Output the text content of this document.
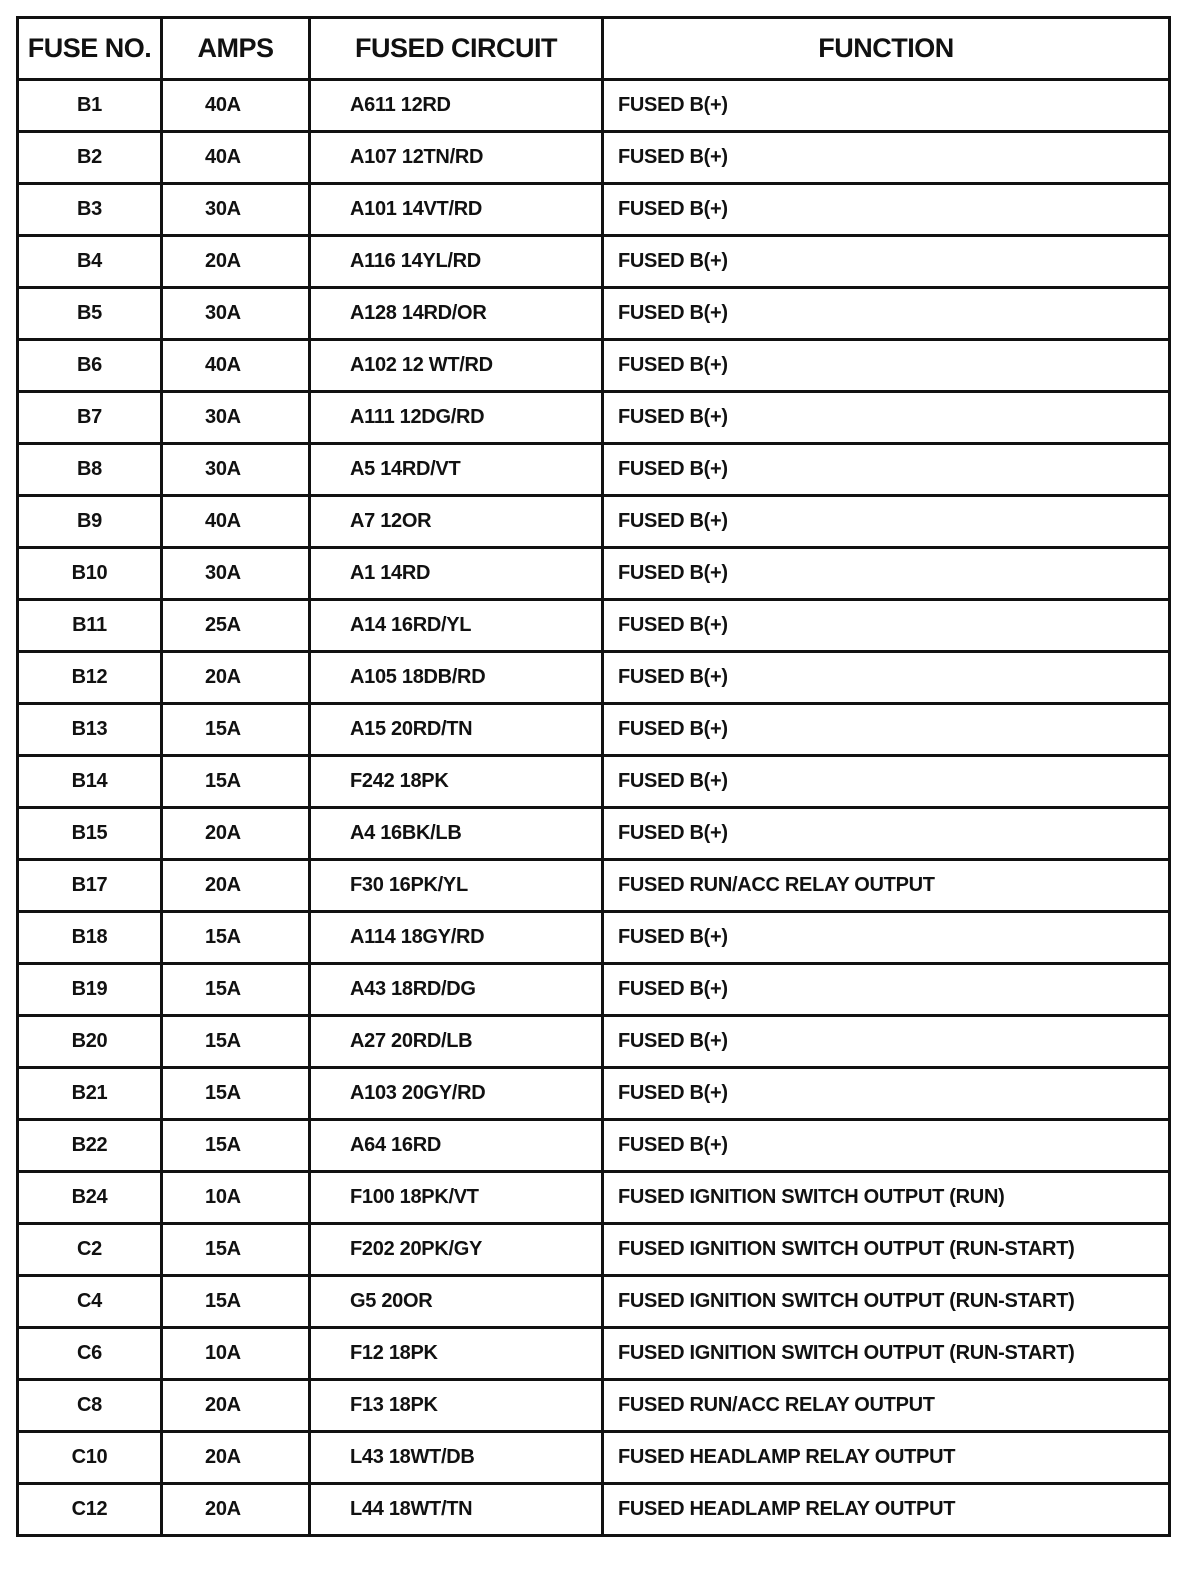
FUSE NO.	AMPS	FUSED CIRCUIT	FUNCTION
B1	40A	A611 12RD	FUSED B(+)
B2	40A	A107 12TN/RD	FUSED B(+)
B3	30A	A101 14VT/RD	FUSED B(+)
B4	20A	A116 14YL/RD	FUSED B(+)
B5	30A	A128 14RD/OR	FUSED B(+)
B6	40A	A102 12 WT/RD	FUSED B(+)
B7	30A	A111 12DG/RD	FUSED B(+)
B8	30A	A5 14RD/VT	FUSED B(+)
B9	40A	A7 12OR	FUSED B(+)
B10	30A	A1 14RD	FUSED B(+)
B11	25A	A14 16RD/YL	FUSED B(+)
B12	20A	A105 18DB/RD	FUSED B(+)
B13	15A	A15 20RD/TN	FUSED B(+)
B14	15A	F242 18PK	FUSED B(+)
B15	20A	A4 16BK/LB	FUSED B(+)
B17	20A	F30 16PK/YL	FUSED RUN/ACC RELAY OUTPUT
B18	15A	A114 18GY/RD	FUSED B(+)
B19	15A	A43 18RD/DG	FUSED B(+)
B20	15A	A27 20RD/LB	FUSED B(+)
B21	15A	A103 20GY/RD	FUSED B(+)
B22	15A	A64 16RD	FUSED B(+)
B24	10A	F100 18PK/VT	FUSED IGNITION SWITCH OUTPUT (RUN)
C2	15A	F202 20PK/GY	FUSED IGNITION SWITCH OUTPUT (RUN-START)
C4	15A	G5 20OR	FUSED IGNITION SWITCH OUTPUT (RUN-START)
C6	10A	F12 18PK	FUSED IGNITION SWITCH OUTPUT (RUN-START)
C8	20A	F13 18PK	FUSED RUN/ACC RELAY OUTPUT
C10	20A	L43 18WT/DB	FUSED HEADLAMP RELAY OUTPUT
C12	20A	L44 18WT/TN	FUSED HEADLAMP RELAY OUTPUT
